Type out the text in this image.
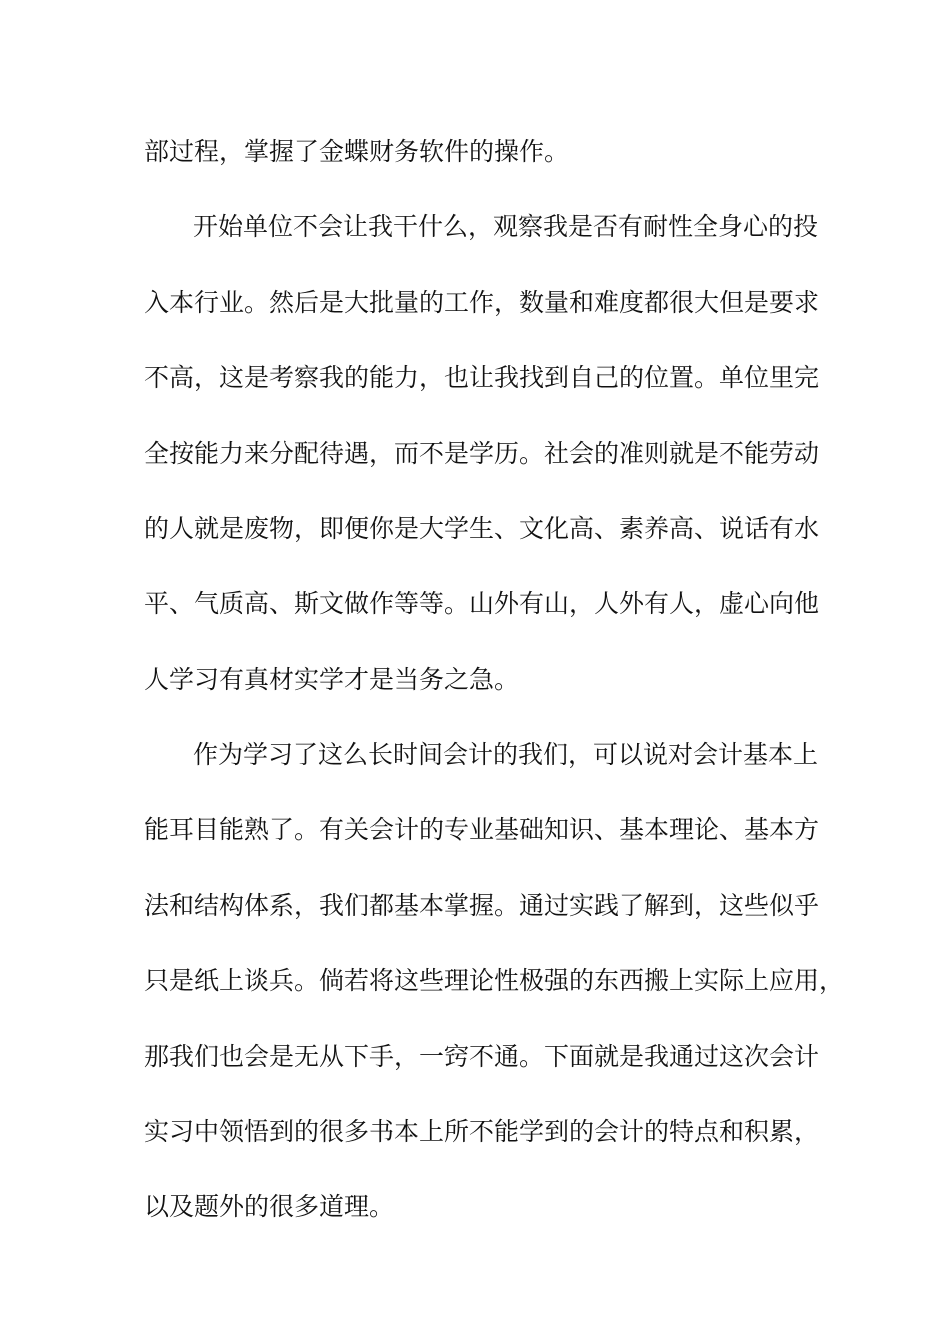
部过程，掌握了金蝶财务软件的操作。

开始单位不会让我干什么，观察我是否有耐性全身心的投

入本行业。然后是大批量的工作，数量和难度都很大但是要求

不高，这是考察我的能力，也让我找到自己的位置。单位里完

全按能力来分配待遇，而不是学历。社会的准则就是不能劳动

的人就是废物，即便你是大学生、文化高、素养高、说话有水

平、气质高、斯文做作等等。山外有山，人外有人，虚心向他

人学习有真材实学才是当务之急。

作为学习了这么长时间会计的我们，可以说对会计基本上

能耳目能熟了。有关会计的专业基础知识、基本理论、基本方

法和结构体系，我们都基本掌握。通过实践了解到，这些似乎

只是纸上谈兵。倘若将这些理论性极强的东西搬上实际上应用，

那我们也会是无从下手，一窍不通。下面就是我通过这次会计

实习中领悟到的很多书本上所不能学到的会计的特点和积累，

以及题外的很多道理。
